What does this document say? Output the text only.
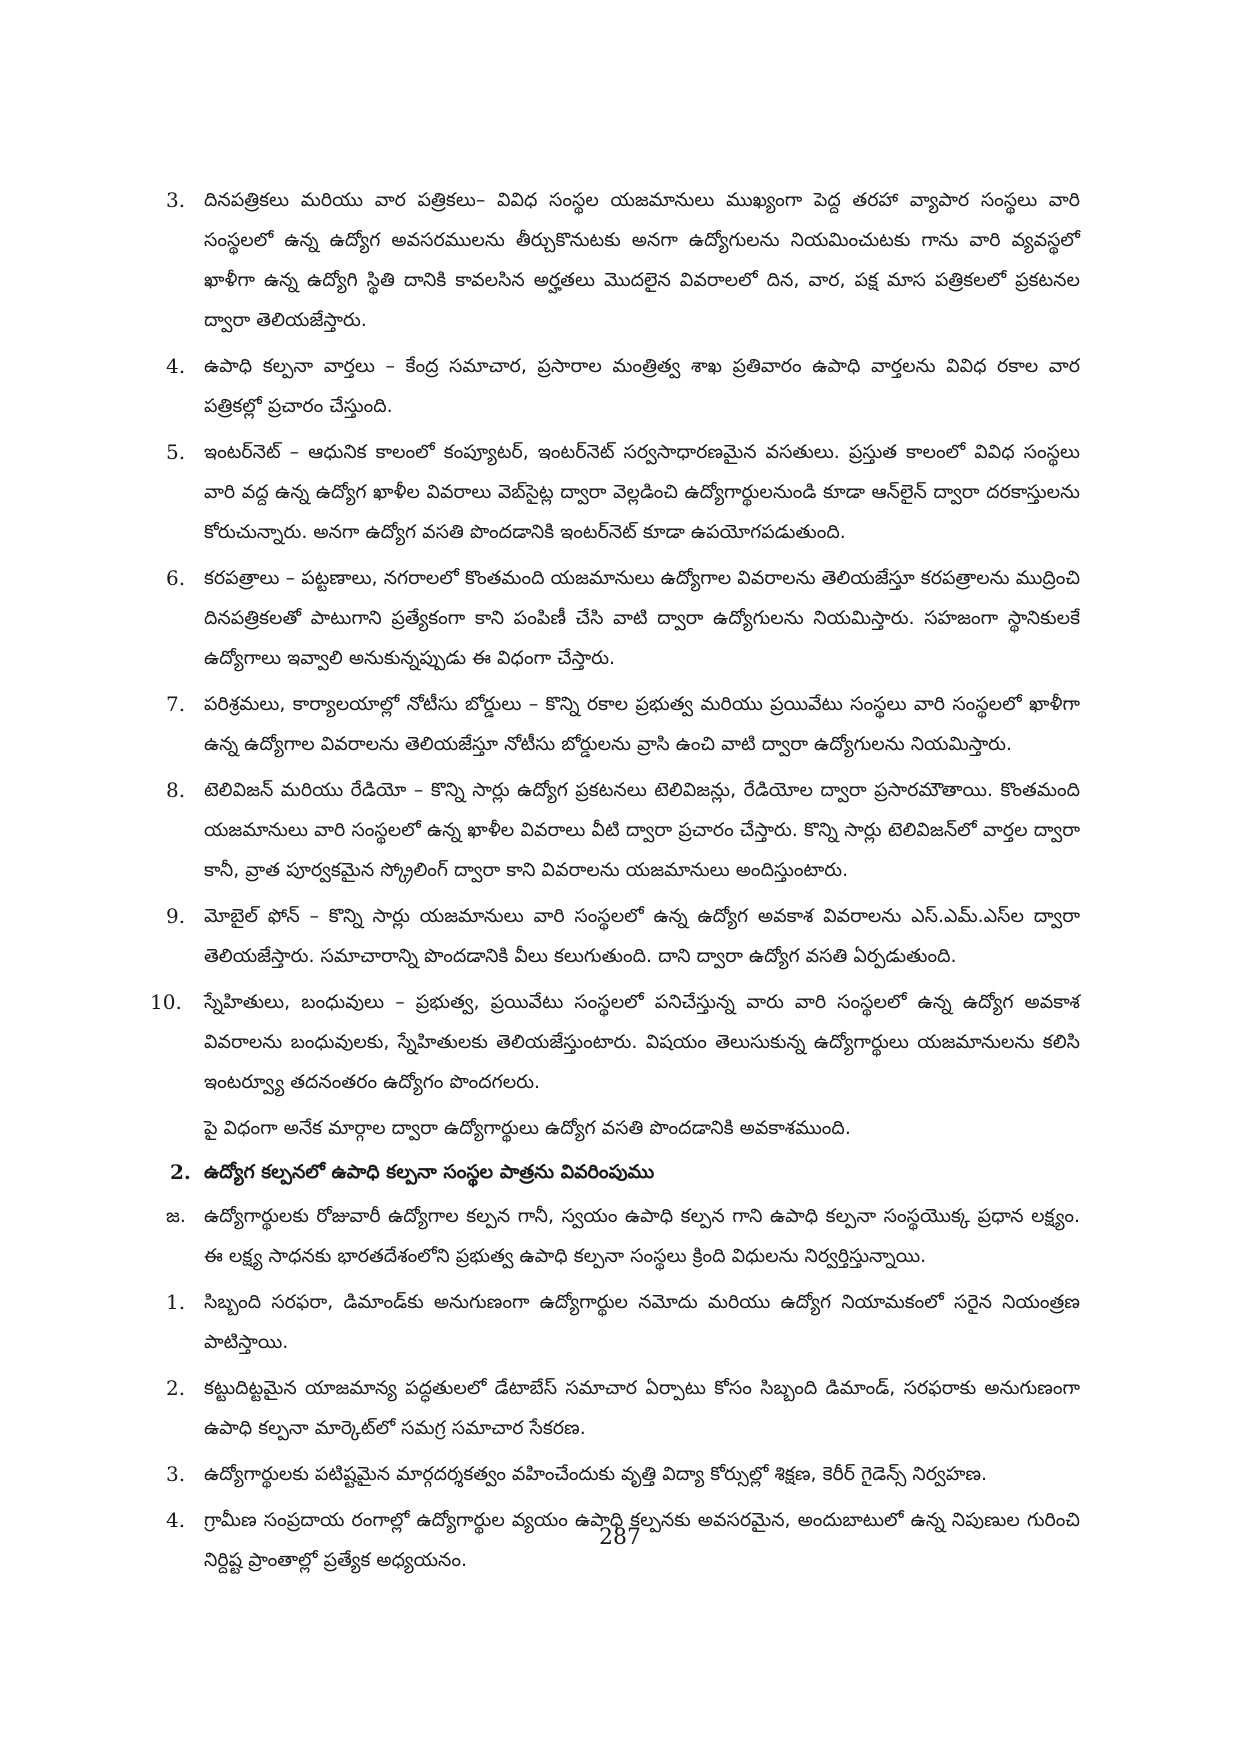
3. దినపత్రికలు మరియు వార పత్రికలు– వివిధ సంస్థల యజమానులు ముఖ్యంగా పెద్ద తరహా వ్యాపార సంస్థలు వారి సంస్థలలో ఉన్న ఉద్యోగ అవసరములను తీర్చుకొనుటకు అనగా ఉద్యోగులను నియమించుటకు గాను వారి వ్యవస్థలో ఖాళీగా ఉన్న ఉద్యోగి స్థితి దానికి కావలసిన అర్హతలు మొదలైన వివరాలలో దిన, వార, పక్ష మాస పత్రికలలో ప్రకటనల ద్వారా తెలియజేస్తారు.
4. ఉపాధి కల్పనా వార్తలు – కేంద్ర సమాచార, ప్రసారాల మంత్రిత్వ శాఖ ప్రతివారం ఉపాధి వార్తలను వివిధ రకాల వార పత్రికల్లో ప్రచారం చేస్తుంది.
5. ఇంటర్‌నెట్ – ఆధునిక కాలంలో కంప్యూటర్, ఇంటర్‌నెట్ సర్వసాధారణమైన వసతులు. ప్రస్తుత కాలంలో వివిధ సంస్థలు వారి వద్ద ఉన్న ఉద్యోగ ఖాళీల వివరాలు వెబ్‌సైట్ల ద్వారా వెల్లడించి ఉద్యోగార్థులనుండి కూడా ఆన్‌లైన్ ద్వారా దరకాస్తులను కోరుచున్నారు. అనగా ఉద్యోగ వసతి పొందడానికి ఇంటర్‌నెట్ కూడా ఉపయోగపడుతుంది.
6. కరపత్రాలు – పట్టణాలు, నగరాలలో కొంతమంది యజమానులు ఉద్యోగాల వివరాలను తెలియజేస్తూ కరపత్రాలను ముద్రించి దినపత్రికలతో పాటుగాని ప్రత్యేకంగా కాని పంపిణీ చేసి వాటి ద్వారా ఉద్యోగులను నియమిస్తారు. సహజంగా స్థానికులకే ఉద్యోగాలు ఇవ్వాలి అనుకున్నప్పుడు ఈ విధంగా చేస్తారు.
7. పరిశ్రమలు, కార్యాలయాల్లో నోటీసు బోర్డులు – కొన్ని రకాల ప్రభుత్వ మరియు ప్రయివేటు సంస్థలు వారి సంస్థలలో ఖాళీగా ఉన్న ఉద్యోగాల వివరాలను తెలియజేస్తూ నోటీసు బోర్డులను వ్రాసి ఉంచి వాటి ద్వారా ఉద్యోగులను నియమిస్తారు.
8. టెలివిజన్ మరియు రేడియో – కొన్ని సార్లు ఉద్యోగ ప్రకటనలు టెలివిజన్లు, రేడియోల ద్వారా ప్రసారమౌతాయి. కొంతమంది యజమానులు వారి సంస్థలలో ఉన్న ఖాళీల వివరాలు వీటి ద్వారా ప్రచారం చేస్తారు. కొన్ని సార్లు టెలివిజన్‌లో వార్తల ద్వారా కానీ, వ్రాత పూర్వకమైన స్క్రోలింగ్ ద్వారా కాని వివరాలను యజమానులు అందిస్తుంటారు.
9. మోబైల్ ఫోన్ – కొన్ని సార్లు యజమానులు వారి సంస్థలలో ఉన్న ఉద్యోగ అవకాశ వివరాలను ఎస్.ఎమ్.ఎస్‌ల ద్వారా తెలియజేస్తారు. సమాచారాన్ని పొందడానికి వీలు కలుగుతుంది. దాని ద్వారా ఉద్యోగ వసతి ఏర్పడుతుంది.
10. స్నేహితులు, బంధువులు – ప్రభుత్వ, ప్రయివేటు సంస్థలలో పనిచేస్తున్న వారు వారి సంస్థలలో ఉన్న ఉద్యోగ అవకాశ వివరాలను బంధువులకు, స్నేహితులకు తెలియజేస్తుంటారు. విషయం తెలుసుకున్న ఉద్యోగార్థులు యజమానులను కలిసి ఇంటర్వ్యూ తదనంతరం ఉద్యోగం పొందగలరు.
పై విధంగా అనేక మార్గాల ద్వారా ఉద్యోగార్థులు ఉద్యోగ వసతి పొందడానికి అవకాశముంది.
2. ఉద్యోగ కల్పనలో ఉపాధి కల్పనా సంస్థల పాత్రను వివరింపుము
జ. ఉద్యోగార్థులకు రోజువారీ ఉద్యోగాల కల్పన గానీ, స్వయం ఉపాధి కల్పన గాని ఉపాధి కల్పనా సంస్థయొక్క ప్రధాన లక్ష్యం. ఈ లక్ష్య సాధనకు భారతదేశంలోని ప్రభుత్వ ఉపాధి కల్పనా సంస్థలు క్రింది విధులను నిర్వర్తిస్తున్నాయి.
1. సిబ్బంది సరఫరా, డిమాండ్‌కు అనుగుణంగా ఉద్యోగార్థుల నమోదు మరియు ఉద్యోగ నియామకంలో సరైన నియంత్రణ పాటిస్తాయి.
2. కట్టుదిట్టమైన యాజమాన్య పద్ధతులలో డేటాబేస్ సమాచార ఏర్పాటు కోసం సిబ్బంది డిమాండ్, సరఫరాకు అనుగుణంగా ఉపాధి కల్పనా మార్కెట్‌లో సమగ్ర సమాచార సేకరణ.
3. ఉద్యోగార్థులకు పటిష్టమైన మార్గదర్శకత్వం వహించేందుకు వృత్తి విద్యా కోర్సుల్లో శిక్షణ, కెరీర్ గైడెన్స్ నిర్వహణ.
4. గ్రామీణ సంప్రదాయ రంగాల్లో ఉద్యోగార్థుల వ్యయం ఉపాధి కల్పనకు అవసరమైన, అందుబాటులో ఉన్న నిపుణుల గురించి నిర్దిష్ట ప్రాంతాల్లో ప్రత్యేక అధ్యయనం.
287
